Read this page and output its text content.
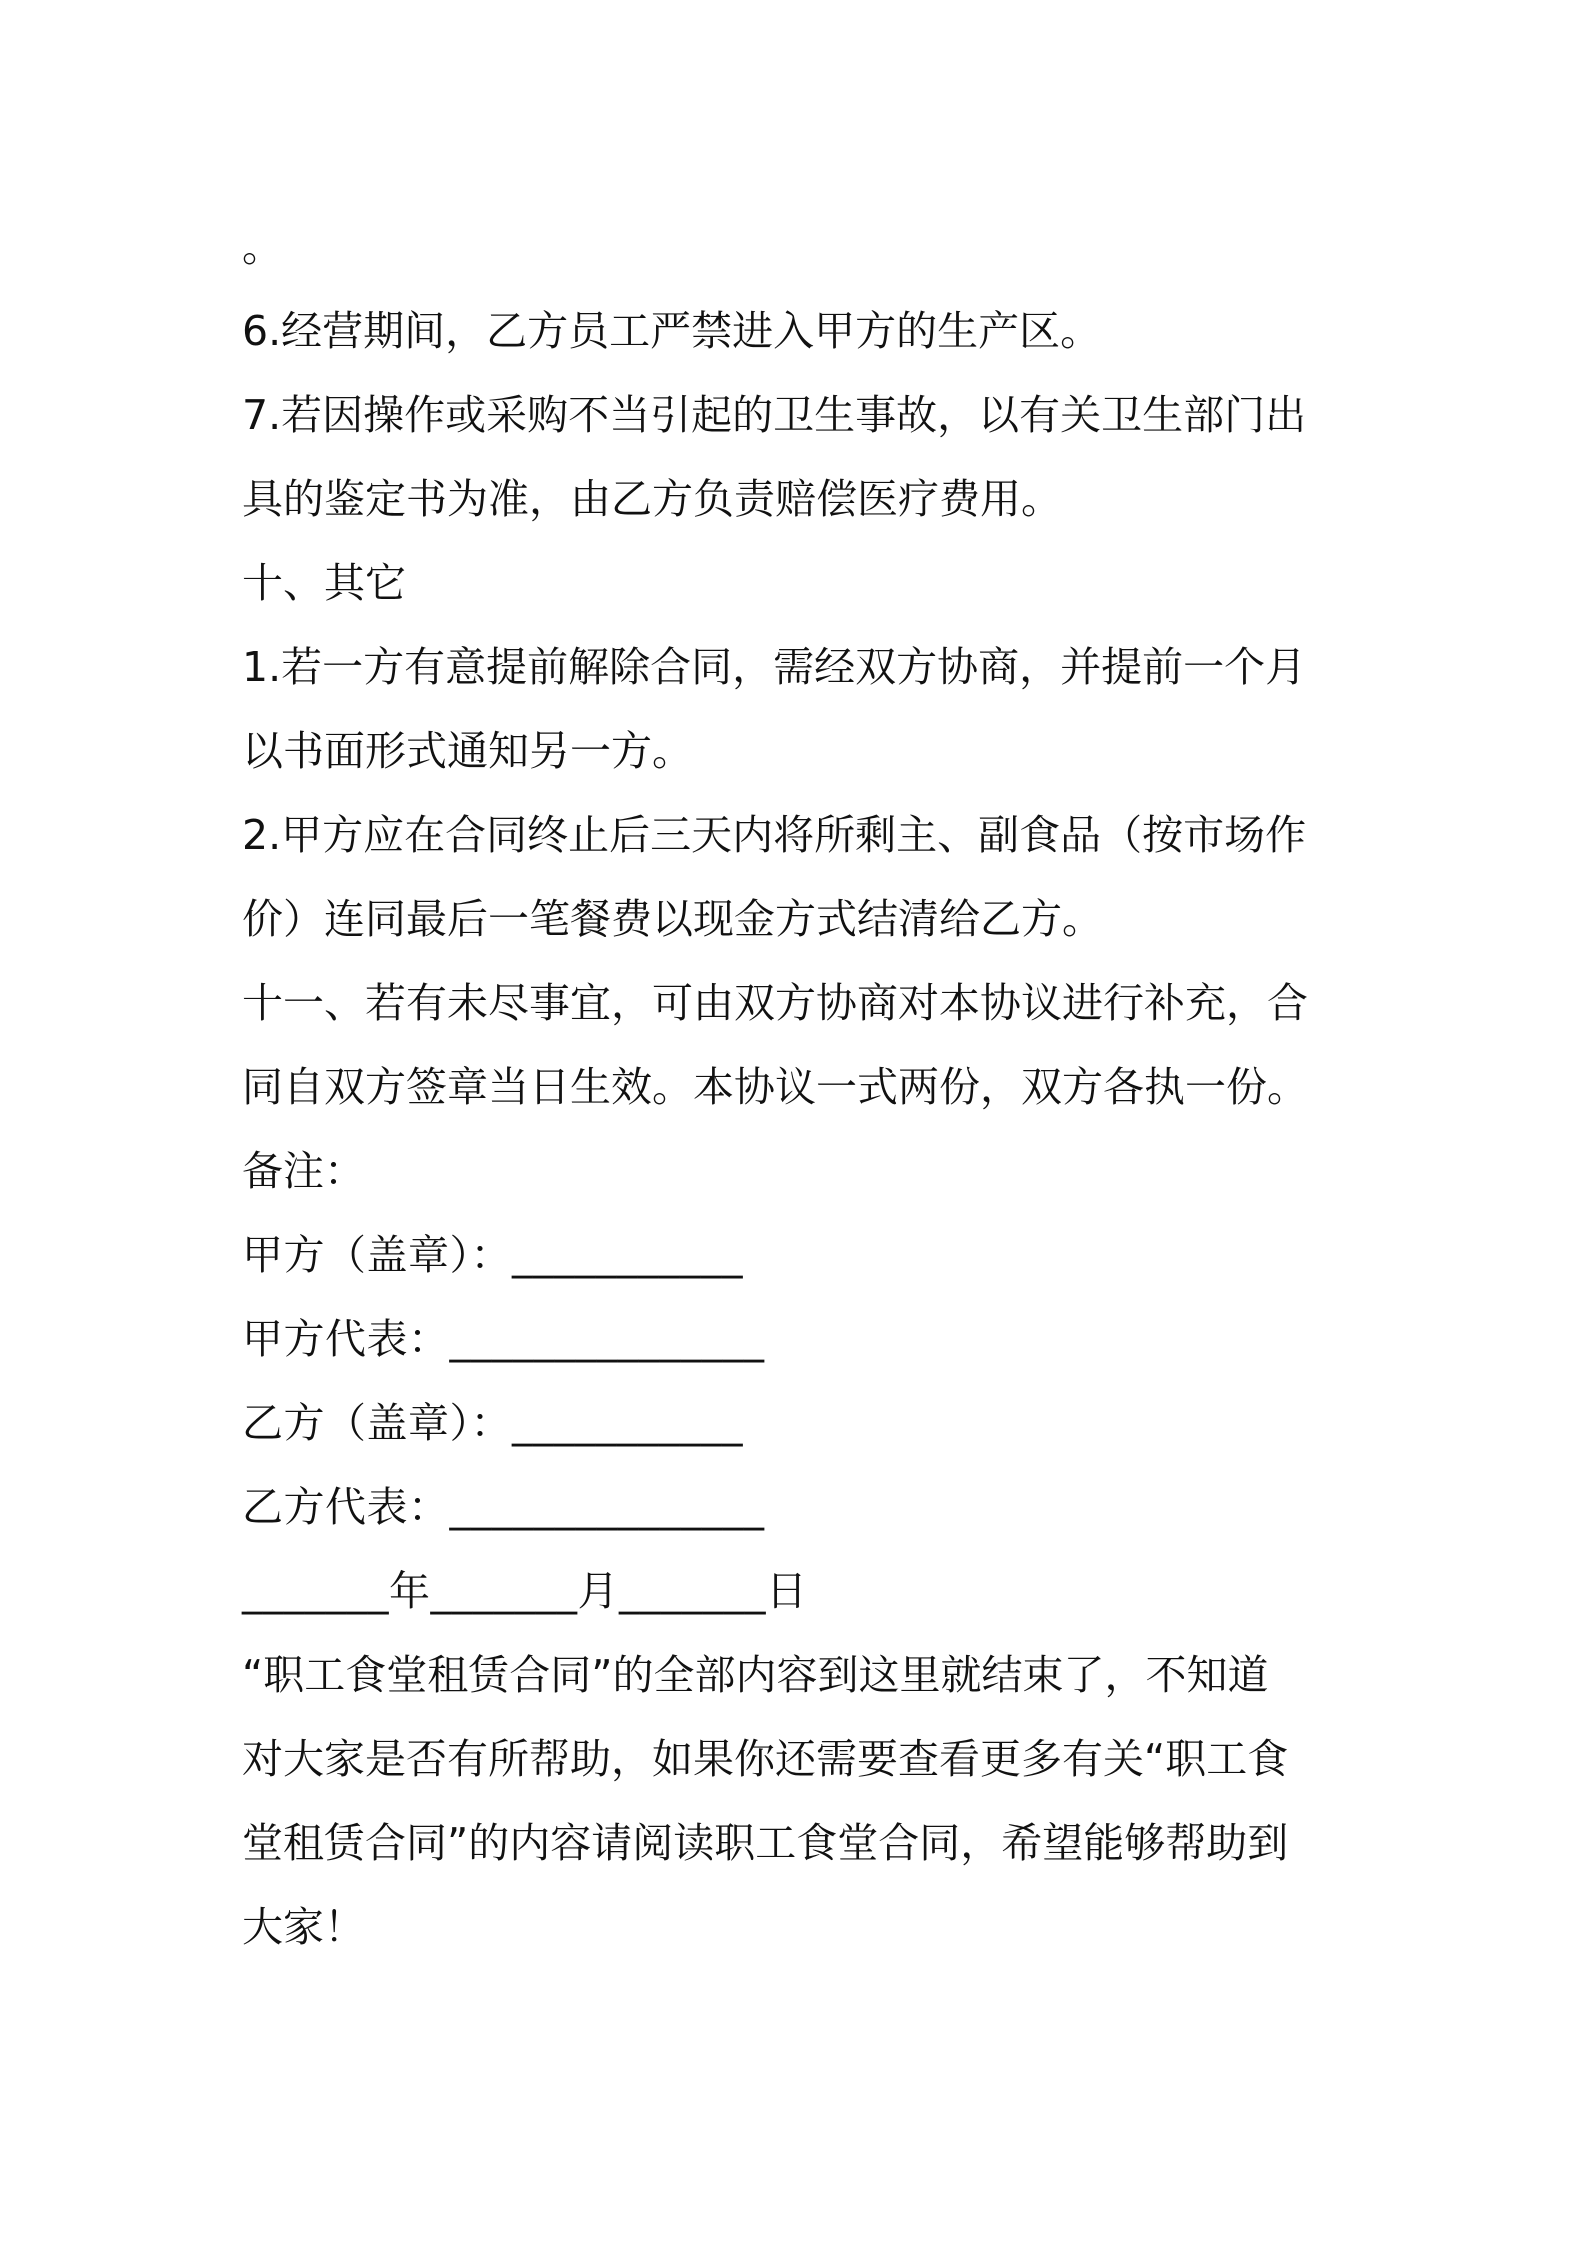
。
6.经营期间，乙方员工严禁进入甲方的生产区。
7.若因操作或采购不当引起的卫生事故，以有关卫生部门出
具的鉴定书为准，由乙方负责赔偿医疗费用。
十、其它
1.若一方有意提前解除合同，需经双方协商，并提前一个月
以书面形式通知另一方。
2.甲方应在合同终止后三天内将所剩主、副食品（按市场作
价）连同最后一笔餐费以现金方式结清给乙方。
十一、若有未尽事宜，可由双方协商对本协议进行补充，合
同自双方签章当日生效。本协议一式两份，双方各执一份。
备注：
甲方（盖章）：___________
甲方代表：_______________
乙方（盖章）：___________
乙方代表：_______________
_______年_______月_______日
“职工食堂租赁合同”的全部内容到这里就结束了，不知道
对大家是否有所帮助，如果你还需要查看更多有关“职工食
堂租赁合同”的内容请阅读职工食堂合同，希望能够帮助到
大家！
